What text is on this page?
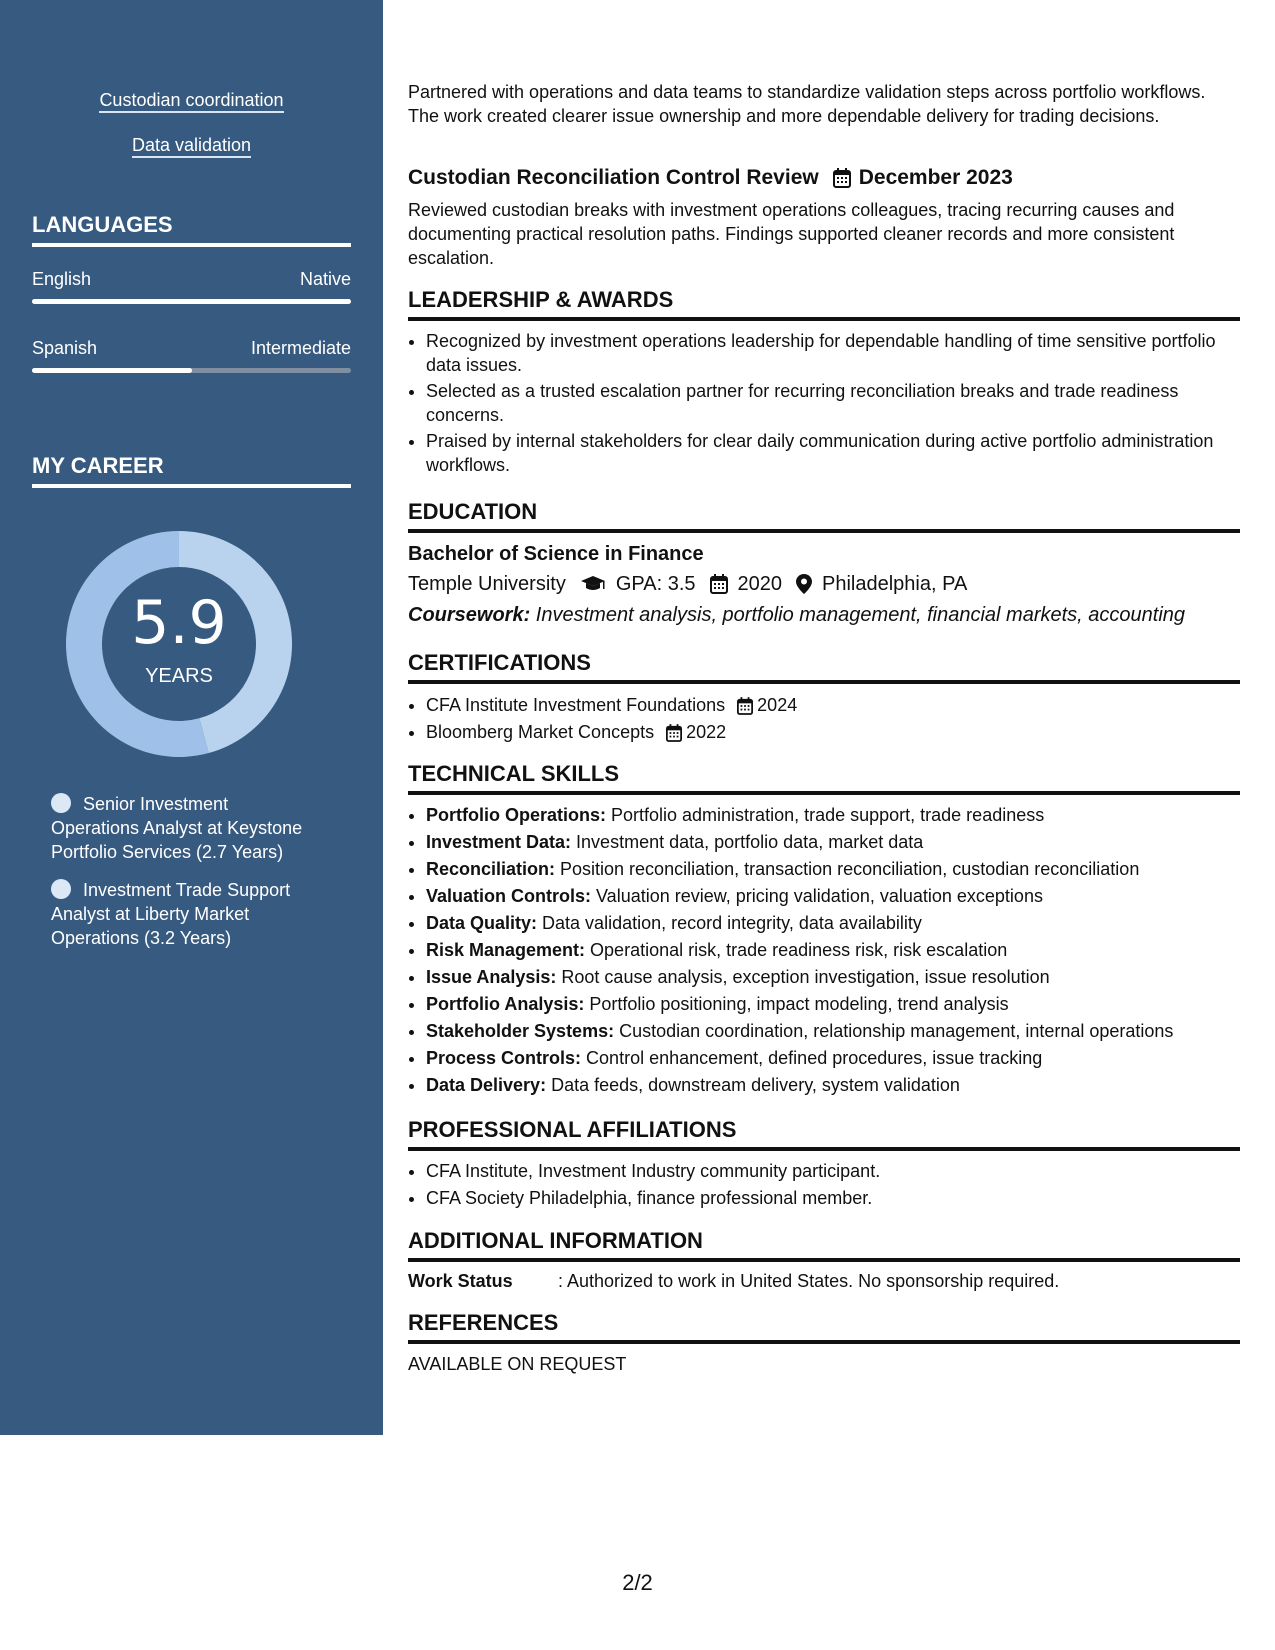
Custodian coordination
Data validation
LANGUAGES
English	Native
Spanish	Intermediate
MY CAREER
5.9
YEARS
Senior Investment Operations Analyst at Keystone Portfolio Services (2.7 Years)
Investment Trade Support Analyst at Liberty Market Operations (3.2 Years)

Partnered with operations and data teams to standardize validation steps across portfolio workflows. The work created clearer issue ownership and more dependable delivery for trading decisions.

Custodian Reconciliation Control Review December 2023

Reviewed custodian breaks with investment operations colleagues, tracing recurring causes and documenting practical resolution paths. Findings supported cleaner records and more consistent escalation.

LEADERSHIP & AWARDS
• Recognized by investment operations leadership for dependable handling of time sensitive portfolio data issues.
• Selected as a trusted escalation partner for recurring reconciliation breaks and trade readiness concerns.
• Praised by internal stakeholders for clear daily communication during active portfolio administration workflows.
EDUCATION
Bachelor of Science in Finance
Temple University	GPA: 3.5 2020 Philadelphia, PA
Coursework: Investment analysis, portfolio management, financial markets, accounting
CERTIFICATIONS
• CFA Institute Investment Foundations 2024
• Bloomberg Market Concepts 2022
TECHNICAL SKILLS
• Portfolio Operations: Portfolio administration, trade support, trade readiness
• Investment Data: Investment data, portfolio data, market data
• Reconciliation: Position reconciliation, transaction reconciliation, custodian reconciliation
• Valuation Controls: Valuation review, pricing validation, valuation exceptions
• Data Quality: Data validation, record integrity, data availability
• Risk Management: Operational risk, trade readiness risk, risk escalation
• Issue Analysis: Root cause analysis, exception investigation, issue resolution
• Portfolio Analysis: Portfolio positioning, impact modeling, trend analysis
• Stakeholder Systems: Custodian coordination, relationship management, internal operations
• Process Controls: Control enhancement, defined procedures, issue tracking
• Data Delivery: Data feeds, downstream delivery, system validation
PROFESSIONAL AFFILIATIONS
• CFA Institute, Investment Industry community participant.
• CFA Society Philadelphia, finance professional member.
ADDITIONAL INFORMATION
Work Status	: Authorized to work in United States. No sponsorship required.
REFERENCES
AVAILABLE ON REQUEST
2/2
